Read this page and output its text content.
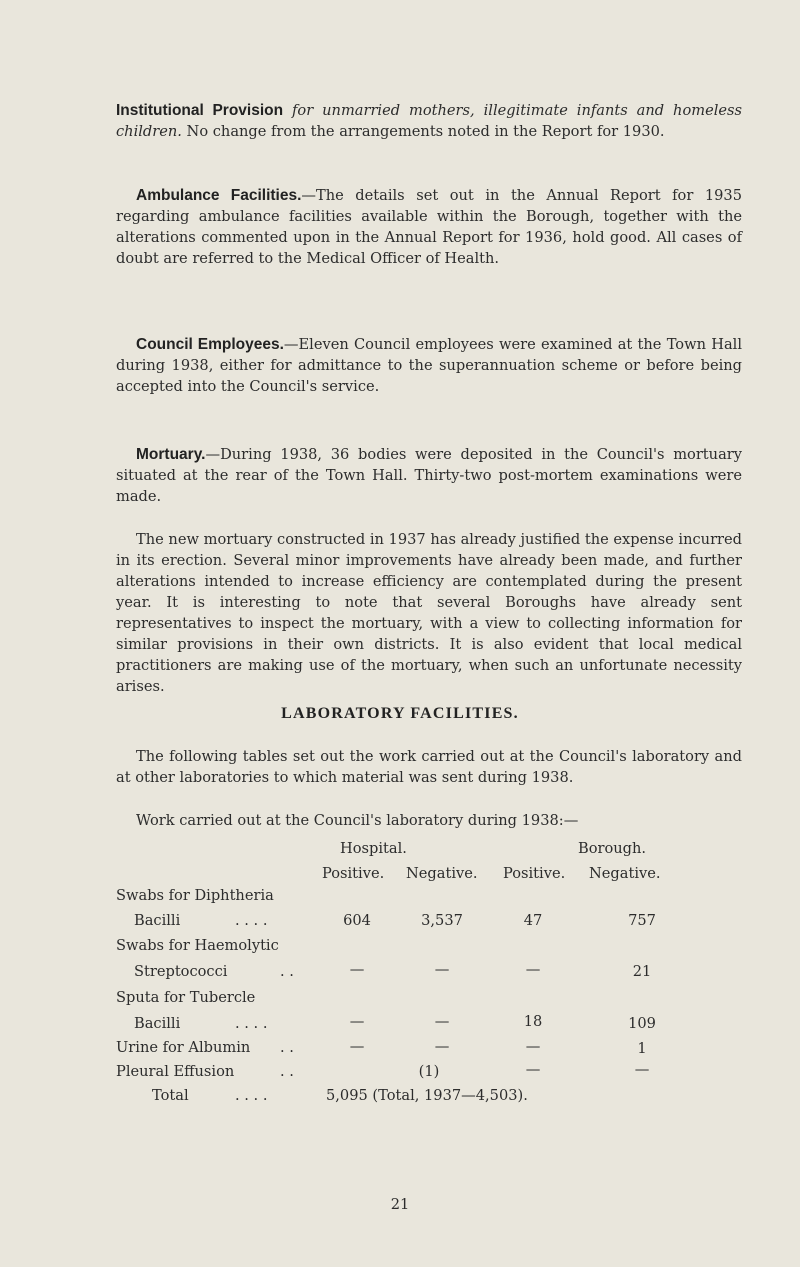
Institutional Provision for unmarried mothers, illegitimate infants and homeless children. No change from the arrangements noted in the Report for 1930.

Ambulance Facilities.—The details set out in the Annual Report for 1935 regarding ambulance facilities available within the Borough, together with the alterations commented upon in the Annual Report for 1936, hold good. All cases of doubt are referred to the Medical Officer of Health.

Council Employees.—Eleven Council employees were examined at the Town Hall during 1938, either for admittance to the superannuation scheme or before being accepted into the Council's service.

Mortuary.—During 1938, 36 bodies were deposited in the Council's mortuary situated at the rear of the Town Hall. Thirty-two post-mortem examinations were made.

The new mortuary constructed in 1937 has already justified the expense incurred in its erection. Several minor improvements have already been made, and further alterations intended to increase efficiency are contemplated during the present year. It is interesting to note that several Boroughs have already sent representatives to inspect the mortuary, with a view to collecting information for similar provisions in their own districts. It is also evident that local medical practitioners are making use of the mortuary, when such an unfortunate necessity arises.

LABORATORY FACILITIES.

The following tables set out the work carried out at the Council's laboratory and at other laboratories to which material was sent during 1938.

Work carried out at the Council's laboratory during 1938:—

Hospital.	Borough.
Positive. Negative. Positive. Negative.
Swabs for Diphtheria
Bacilli	. . . .	604	3,537	47	757
Swabs for Haemolytic
Streptococci	. .	—	—	—	21
Sputa for Tubercle
Bacilli	. . . .	—	—	18	109
Urine for Albumin . .	—	—	—	1
Pleural Effusion	. .	(1)	—	—
Total	. . . .	5,095 (Total, 1937—4,503).
21
